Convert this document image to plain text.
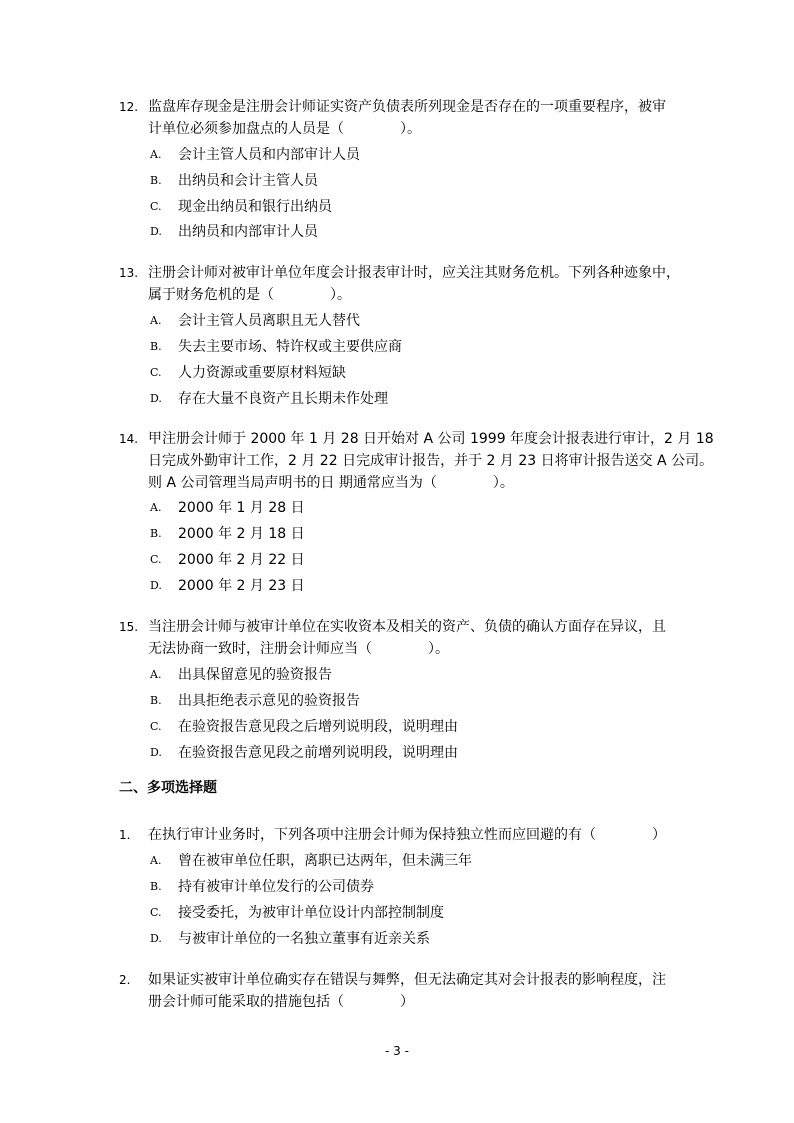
12. 监盘库存现金是注册会计师证实资产负债表所列现金是否存在的一项重要程序，被审
计单位必须参加盘点的人员是（　　　　）。
A. 会计主管人员和内部审计人员
B. 出纳员和会计主管人员
C. 现金出纳员和银行出纳员
D. 出纳员和内部审计人员
13. 注册会计师对被审计单位年度会计报表审计时，应关注其财务危机。下列各种迹象中，
属于财务危机的是（　　　　）。
A. 会计主管人员离职且无人替代
B. 失去主要市场、特许权或主要供应商
C. 人力资源或重要原材料短缺
D. 存在大量不良资产且长期未作处理
14. 甲注册会计师于 2000 年 1 月 28 日开始对 A 公司 1999 年度会计报表进行审计，2 月 18
日完成外勤审计工作，2 月 22 日完成审计报告，并于 2 月 23 日将审计报告送交 A 公司。
则 A 公司管理当局声明书的日 期通常应当为（　　　　）。
A. 2000 年 1 月 28 日
B. 2000 年 2 月 18 日
C. 2000 年 2 月 22 日
D. 2000 年 2 月 23 日
15. 当注册会计师与被审计单位在实收资本及相关的资产、负债的确认方面存在异议，且
无法协商一致时，注册会计师应当（　　　　）。
A. 出具保留意见的验资报告
B. 出具拒绝表示意见的验资报告
C. 在验资报告意见段之后增列说明段，说明理由
D. 在验资报告意见段之前增列说明段，说明理由
二、多项选择题
1. 在执行审计业务时，下列各项中注册会计师为保持独立性而应回避的有（　　　　）
A. 曾在被审单位任职，离职已达两年，但未满三年
B. 持有被审计单位发行的公司债券
C. 接受委托，为被审计单位设计内部控制制度
D. 与被审计单位的一名独立董事有近亲关系
2. 如果证实被审计单位确实存在错误与舞弊，但无法确定其对会计报表的影响程度，注
册会计师可能采取的措施包括（　　　　）
- 3 -
